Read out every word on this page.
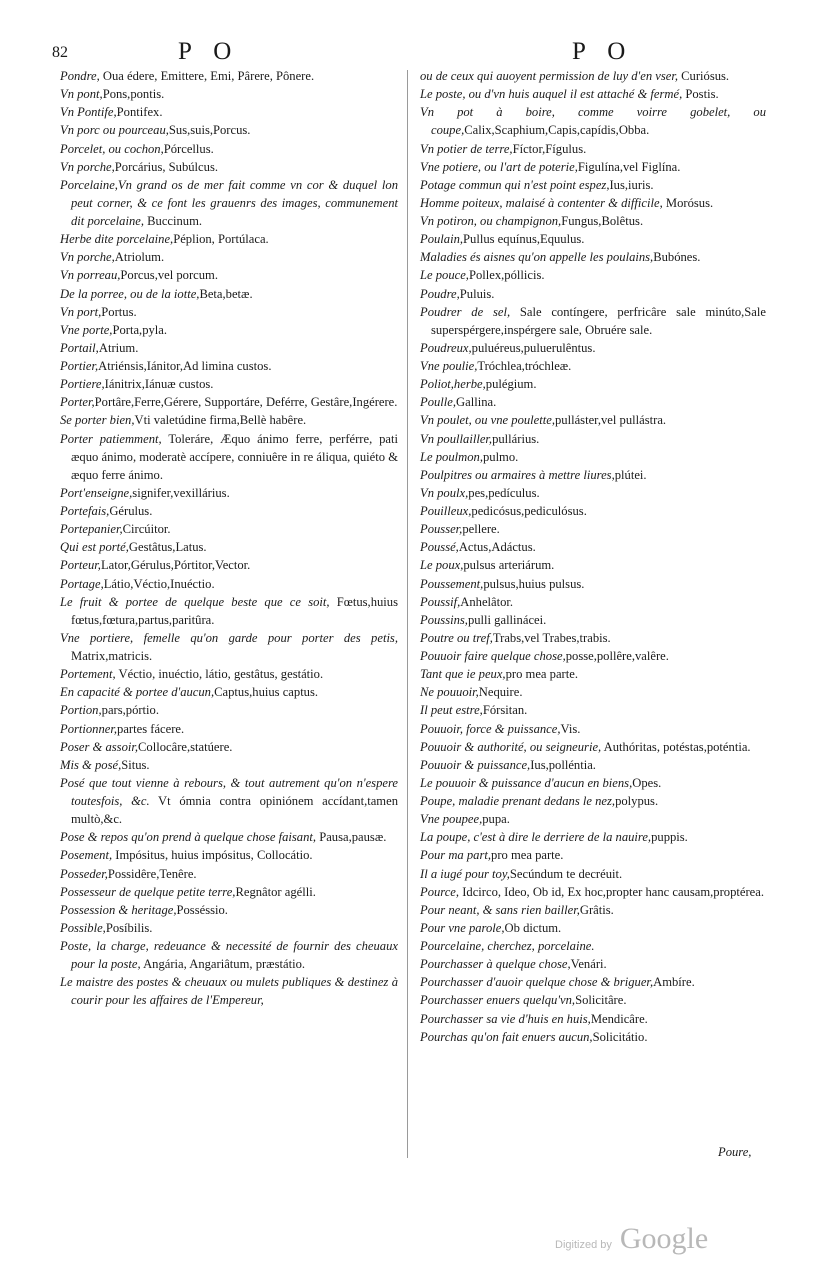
82	P O	P O
Pondre, Oua édere, Emittere, Emi, Pârere, Pônere.
Vn pont,Pons,pontis.
Vn Pontife,Pontifex.
Vn porc ou pourceau,Sus,suis,Porcus.
Porcelet, ou cochon,Pórcellus.
Vn porche,Porcárius, Subúlcus.
Porcelaine,Vn grand os de mer fait comme vn cor & duquel lon peut corner, & ce font les grauenrs des images, communement dit porcelaine, Buccinum.
Herbe dite porcelaine,Péplion, Portúlaca.
Vn porche,Atriolum.
Vn porreau,Porcus,vel porcum.
De la porree, ou de la iotte,Beta,betæ.
Vn port,Portus.
Vne porte,Porta,pyla.
Portail,Atrium.
Portier,Atriénsis,Iánitor,Ad limina custos.
Portiere,Iánitrix,Iánuæ custos.
Porter,Portâre,Ferre,Gérere, Supportáre, Deférre, Gestâre,Ingérere.
Se porter bien,Vti valetúdine firma,Bellè habêre.
Porter patiemment, Toleráre, Æquo ánimo ferre, perférre, pati æquo ánimo, moderatè accípere, conniuêre in re áliqua, quiéto & æquo ferre ánimo.
Port'enseigne,signifer,vexillárius.
Portefais,Gérulus.
Portepanier,Circúitor.
Qui est porté,Gestâtus,Latus.
Porteur,Lator,Gérulus,Pórtitor,Vector.
Portage,Látio,Véctio,Inuéctio.
Le fruit & portee de quelque beste que ce soit, Fœtus,huius fœtus,fœtura,partus,paritûra.
Vne portiere, femelle qu'on garde pour porter des petis, Matrix,matricis.
Portement, Véctio, inuéctio, látio, gestâtus, gestátio.
En capacité & portee d'aucun,Captus,huius captus.
Portion,pars,pórtio.
Portionner,partes fácere.
Poser & assoir,Collocâre,statúere.
Mis & posé,Situs.
Posé que tout vienne à rebours, & tout autrement qu'on n'espere toutesfois, &c. Vt ómnia contra opiniónem accídant,tamen multò,&c.
Pose & repos qu'on prend à quelque chose faisant, Pausa,pausæ.
Posement, Impósitus, huius impósitus, Collocátio.
Posseder,Possidêre,Tenêre.
Possesseur de quelque petite terre,Regnâtor agélli.
Possession & heritage,Posséssio.
Possible,Posíbilis.
Poste, la charge, redeuance & necessité de fournir des cheuaux pour la poste, Angária, Angariâtum, præstátio.
Le maistre des postes & cheuaux ou mulets publiques & destinez à courir pour les affaires de l'Empereur,
ou de ceux qui auoyent permission de luy d'en vser, Curiósus.
Le poste, ou d'vn huis auquel il est attaché & fermé, Postis.
Vn pot à boire, comme voirre gobelet, ou coupe,Calix,Scaphium,Capis,capídis,Obba.
Vn potier de terre,Fíctor,Fígulus.
Vne potiere, ou l'art de poterie,Figulína,vel Figlína.
Potage commun qui n'est point espez,Ius,iuris.
Homme poiteux, malaisé à contenter & difficile, Morósus.
Vn potiron, ou champignon,Fungus,Bolêtus.
Poulain,Pullus equínus,Equulus.
Maladies és aisnes qu'on appelle les poulains,Bubónes.
Le pouce,Pollex,póllicis.
Poudre,Puluis.
Poudrer de sel, Sale contíngere, perfricâre sale minúto,Sale superspérgere,inspérgere sale, Obruére sale.
Poudreux,puluéreus,puluerulêntus.
Vne poulie,Tróchlea,tróchleæ.
Poliot,herbe,pulégium.
Poulle,Gallina.
Vn poulet, ou vne poulette,pulláster,vel pullástra.
Vn poullailler,pullárius.
Le poulmon,pulmo.
Poulpitres ou armaires à mettre liures,plútei.
Vn poulx,pes,pedículus.
Pouilleux,pedicósus,pediculósus.
Pousser,pellere.
Poussé,Actus,Adáctus.
Le poux,pulsus arteriárum.
Poussement,pulsus,huius pulsus.
Poussif,Anhelâtor.
Poussins,pulli gallinácei.
Poutre ou tref,Trabs,vel Trabes,trabis.
Pouuoir faire quelque chose,posse,pollêre,valêre.
Tant que ie peux,pro mea parte.
Ne pouuoir,Nequire.
Il peut estre,Fórsitan.
Pouuoir, force & puissance,Vis.
Pouuoir & authorité, ou seigneurie, Authóritas, potéstas,poténtia.
Pouuoir & puissance,Ius,polléntia.
Le pouuoir & puissance d'aucun en biens,Opes.
Poupe, maladie prenant dedans le nez,polypus.
Vne poupee,pupa.
La poupe, c'est à dire le derriere de la nauire,puppis.
Pour ma part,pro mea parte.
Il a iugé pour toy,Secúndum te decréuit.
Pource, Idcirco, Ideo, Ob id, Ex hoc,propter hanc causam,proptérea.
Pour neant, & sans rien bailler,Grâtis.
Pour vne parole,Ob dictum.
Pourcelaine, cherchez, porcelaine.
Pourchasser à quelque chose,Venári.
Pourchasser d'auoir quelque chose & briguer,Ambíre.
Pourchasser enuers quelqu'vn,Solicitâre.
Pourchasser sa vie d'huis en huis,Mendicâre.
Pourchas qu'on fait enuers aucun,Solicitátio.
Poure,
Digitized by Google
